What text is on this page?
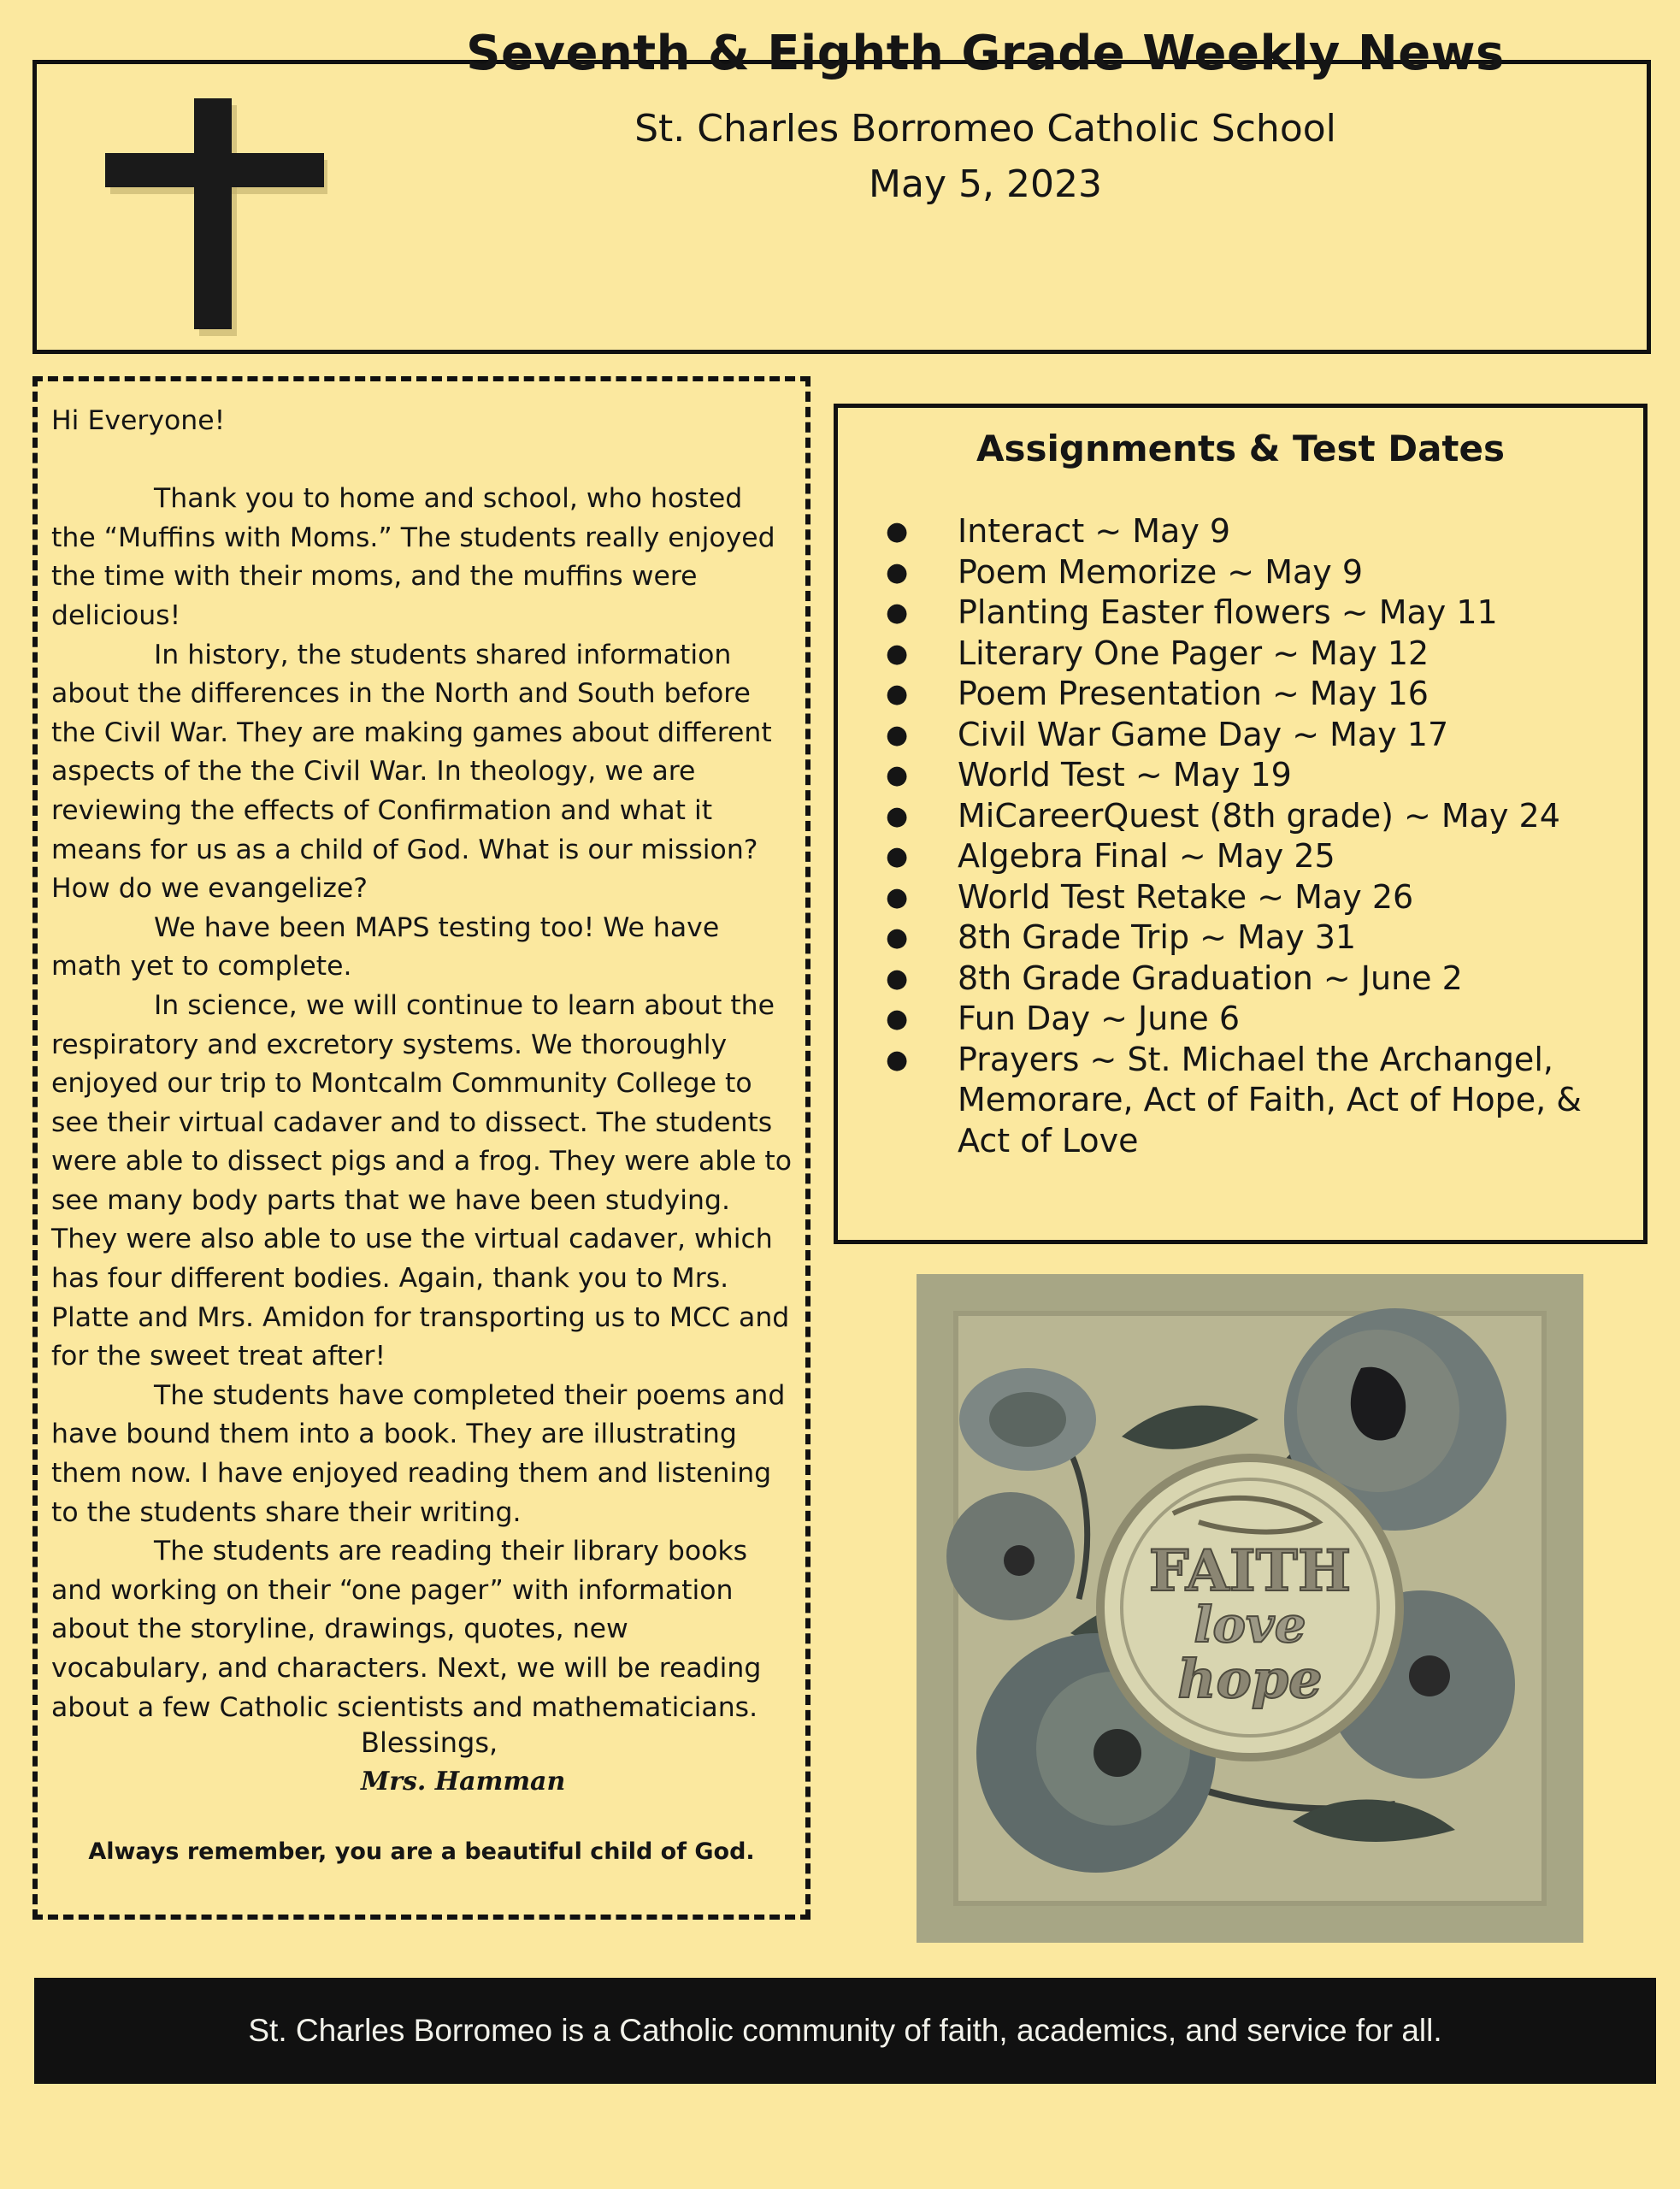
Seventh & Eighth Grade Weekly News
St. Charles Borromeo Catholic School
May 5, 2023

Hi Everyone!

Thank you to home and school, who hosted the “Muffins with Moms.” The students really enjoyed the time with their moms, and the muffins were delicious!

In history, the students shared information about the differences in the North and South before the Civil War. They are making games about different aspects of the the Civil War. In theology, we are reviewing the effects of Confirmation and what it means for us as a child of God. What is our mission? How do we evangelize?

We have been MAPS testing too! We have math yet to complete.

In science, we will continue to learn about the respiratory and excretory systems. We thoroughly enjoyed our trip to Montcalm Community College to see their virtual cadaver and to dissect. The students were able to dissect pigs and a frog. They were able to see many body parts that we have been studying. They were also able to use the virtual cadaver, which has four different bodies. Again, thank you to Mrs. Platte and Mrs. Amidon for transporting us to MCC and for the sweet treat after!

The students have completed their poems and have bound them into a book. They are illustrating them now. I have enjoyed reading them and listening to the students share their writing.

The students are reading their library books and working on their “one pager” with information about the storyline, drawings, quotes, new vocabulary, and characters. Next, we will be reading about a few Catholic scientists and mathematicians.

Blessings,
Mrs. Hamman
Always remember, you are a beautiful child of God.
Assignments & Test Dates
● Interact ~ May 9
● Poem Memorize ~ May 9
● Planting Easter flowers ~ May 11
● Literary One Pager ~ May 12
● Poem Presentation ~ May 16
● Civil War Game Day ~ May 17
● World Test ~ May 19
● MiCareerQuest (8th grade) ~ May 24
● Algebra Final ~ May 25
● World Test Retake ~ May 26
● 8th Grade Trip ~ May 31
● 8th Grade Graduation ~ June 2
● Fun Day ~ June 6
● Prayers ~ St. Michael the Archangel, Memorare, Act of Faith, Act of Hope, & Act of Love
FAITH
love
hope
St. Charles Borromeo is a Catholic community of faith, academics, and service for all.
